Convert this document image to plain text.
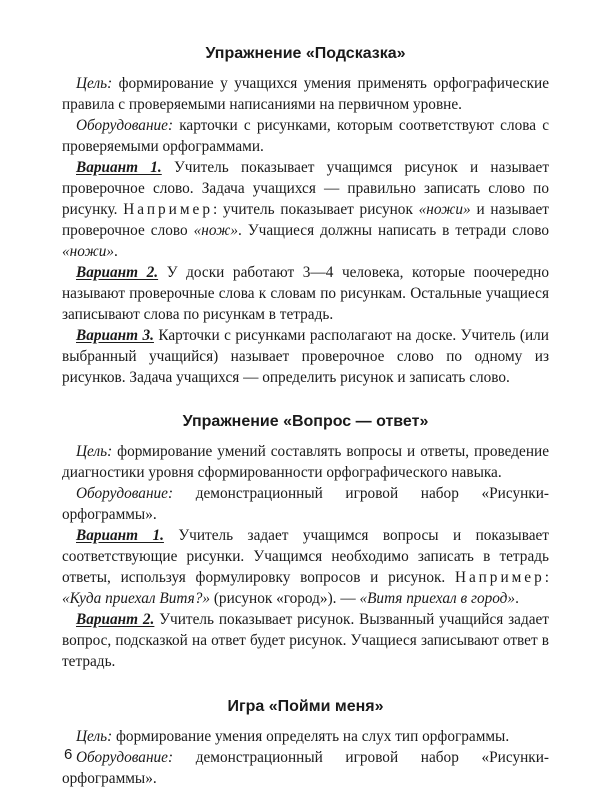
Упражнение «Подсказка»

Цель: формирование у учащихся умения применять орфографические правила с проверяемыми написаниями на первичном уровне.

Оборудование: карточки с рисунками, которым соответствуют слова с проверяемыми орфограммами.

Вариант 1. Учитель показывает учащимся рисунок и называет проверочное слово. Задача учащихся — правильно записать слово по рисунку. Например: учитель показывает рисунок «ножи» и называет проверочное слово «нож». Учащиеся должны написать в тетради слово «ножи».

Вариант 2. У доски работают 3—4 человека, которые поочередно называют проверочные слова к словам по рисункам. Остальные учащиеся записывают слова по рисункам в тетрадь.

Вариант 3. Карточки с рисунками располагают на доске. Учитель (или выбранный учащийся) называет проверочное слово по одному из рисунков. Задача учащихся — определить рисунок и записать слово.

Упражнение «Вопрос — ответ»

Цель: формирование умений составлять вопросы и ответы, проведение диагностики уровня сформированности орфографического навыка.

Оборудование: демонстрационный игровой набор «Рисунки-орфограммы».

Вариант 1. Учитель задает учащимся вопросы и показывает соответствующие рисунки. Учащимся необходимо записать в тетрадь ответы, используя формулировку вопросов и рисунок. Например: «Куда приехал Витя?» (рисунок «город»). — «Витя приехал в город».

Вариант 2. Учитель показывает рисунок. Вызванный учащийся задает вопрос, подсказкой на ответ будет рисунок. Учащиеся записывают ответ в тетрадь.

Игра «Пойми меня»

Цель: формирование умения определять на слух тип орфограммы.

Оборудование: демонстрационный игровой набор «Рисунки-орфограммы».

6
